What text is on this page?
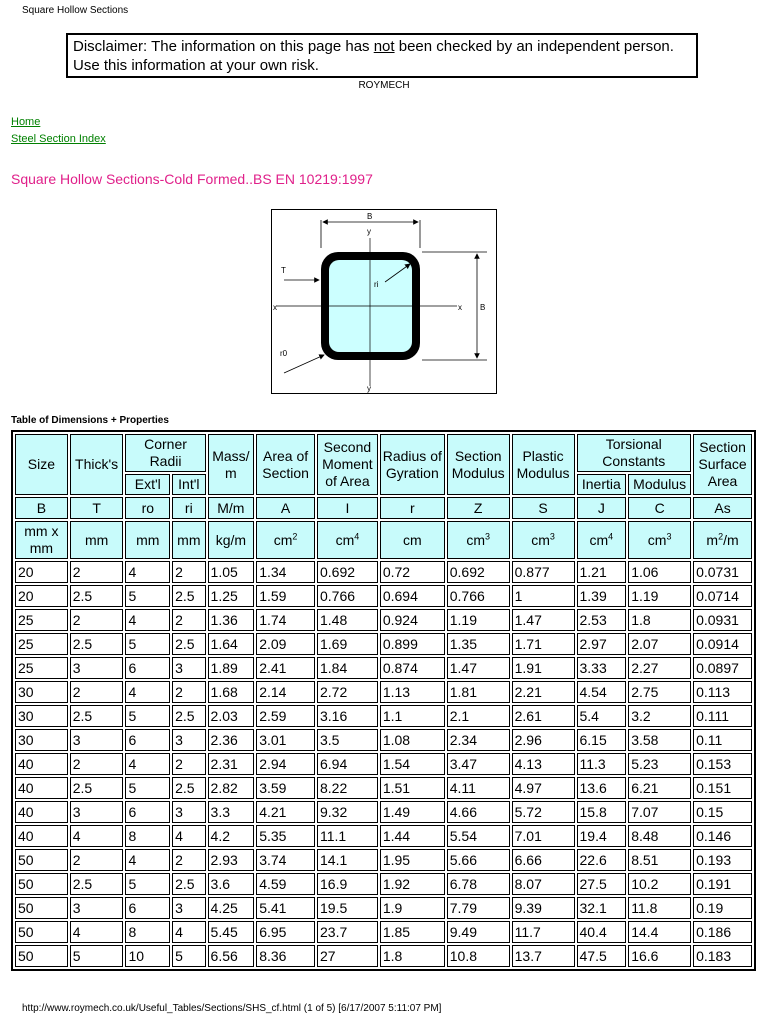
Square Hollow Sections
Disclaimer: The information on this page has not been checked by an independent person. Use this information at your own risk.
ROYMECH
Home
Steel Section Index
Square Hollow Sections-Cold Formed..BS EN 10219:1997
B
y
x	x
y
B
T
ri
r0
Table of Dimensions + Properties
Size	Thick's	Corner Radii		Mass/ m	Area of Section	Second Moment of Area	Radius of Gyration	Section Modulus	Plastic Modulus	Torsional Constants		Section Surface Area
		Ext'l	Int'l							Inertia	Modulus	
B	T	ro	ri	M/m	A	I	r	Z	S	J	C	As
mm x mm	mm	mm	mm	kg/m	$cm^2$	$cm^4$	cm	$cm^3$	$cm^3$	$cm^4$	$cm^3$	$m^2/m$
20	2	4	2	1.05	1.34	0.692	0.72	0.692	0.877	1.21	1.06	0.0731
20	2.5	5	2.5	1.25	1.59	0.766	0.694	0.766	1	1.39	1.19	0.0714
25	2	4	2	1.36	1.74	1.48	0.924	1.19	1.47	2.53	1.8	0.0931
25	2.5	5	2.5	1.64	2.09	1.69	0.899	1.35	1.71	2.97	2.07	0.0914
25	3	6	3	1.89	2.41	1.84	0.874	1.47	1.91	3.33	2.27	0.0897
30	2	4	2	1.68	2.14	2.72	1.13	1.81	2.21	4.54	2.75	0.113
30	2.5	5	2.5	2.03	2.59	3.16	1.1	2.1	2.61	5.4	3.2	0.111
30	3	6	3	2.36	3.01	3.5	1.08	2.34	2.96	6.15	3.58	0.11
40	2	4	2	2.31	2.94	6.94	1.54	3.47	4.13	11.3	5.23	0.153
40	2.5	5	2.5	2.82	3.59	8.22	1.51	4.11	4.97	13.6	6.21	0.151
40	3	6	3	3.3	4.21	9.32	1.49	4.66	5.72	15.8	7.07	0.15
40	4	8	4	4.2	5.35	11.1	1.44	5.54	7.01	19.4	8.48	0.146
50	2	4	2	2.93	3.74	14.1	1.95	5.66	6.66	22.6	8.51	0.193
50	2.5	5	2.5	3.6	4.59	16.9	1.92	6.78	8.07	27.5	10.2	0.191
50	3	6	3	4.25	5.41	19.5	1.9	7.79	9.39	32.1	11.8	0.19
50	4	8	4	5.45	6.95	23.7	1.85	9.49	11.7	40.4	14.4	0.186
50	5	10	5	6.56	8.36	27	1.8	10.8	13.7	47.5	16.6	0.183
http://www.roymech.co.uk/Useful_Tables/Sections/SHS_cf.html (1 of 5) [6/17/2007 5:11:07 PM]
